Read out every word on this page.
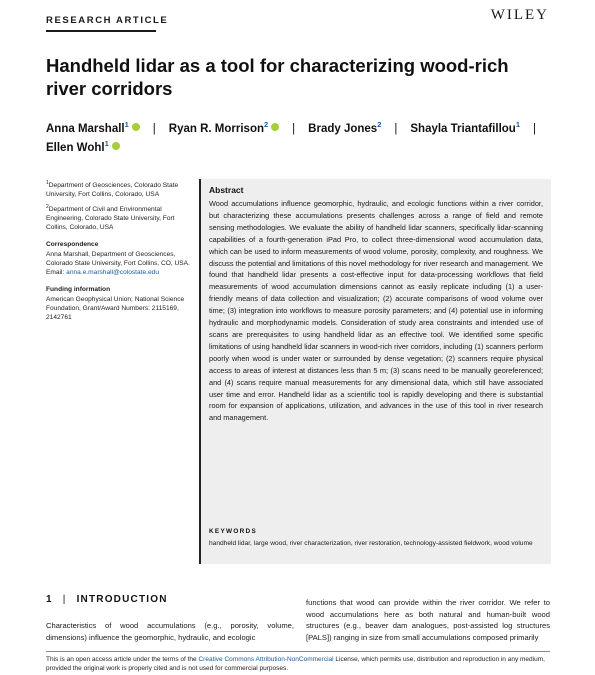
RESEARCH ARTICLE	WILEY
Handheld lidar as a tool for characterizing wood-rich river corridors
Anna Marshall$^1$ | Ryan R. Morrison$^2$ | Brady Jones$^2$ | Shayla Triantafillou$^1$ |
Ellen Wohl$^1$

$^1$Department of Geosciences, Colorado State University, Fort Collins, Colorado, USA

$^2$Department of Civil and Environmental Engineering, Colorado State University, Fort Collins, Colorado, USA

Correspondence

Anna Marshall, Department of Geosciences, Colorado State University, Fort Collins, CO, USA.
Email: anna.e.marshall@colostate.edu

Funding information

American Geophysical Union; National Science Foundation, Grant/Award Numbers: 2115169, 2142761

Abstract
Wood accumulations influence geomorphic, hydraulic, and ecologic functions within a river corridor, but characterizing these accumulations presents challenges across a range of field and remote sensing methodologies. We evaluate the ability of handheld lidar scanners, specifically lidar-scanning capabilities of a fourth-generation iPad Pro, to collect three-dimensional wood accumulation data, which can be used to inform measurements of wood volume, porosity, complexity, and roughness. We discuss the potential and limitations of this novel methodology for river research and management. We found that handheld lidar presents a cost-effective input for data-processing workflows that field measurements of wood accumulation dimensions cannot as easily replicate including (1) a user-friendly means of data collection and visualization; (2) accurate comparisons of wood volume over time; (3) integration into workflows to measure porosity parameters; and (4) potential use in informing hydraulic and morphodynamic models. Consideration of study area constraints and intended use of scans are prerequisites to using handheld lidar as an effective tool. We identified some specific limitations of using handheld lidar scanners in wood-rich river corridors, including (1) scanners perform poorly when wood is under water or surrounded by dense vegetation; (2) scanners require physical access to areas of interest at distances less than 5 m; (3) scans need to be manually georeferenced; and (4) scans require manual measurements for any dimensional data, which still have associated user time and error. Handheld lidar as a scientific tool is rapidly developing and there is substantial room for expansion of applications, utilization, and advances in the use of this tool in river research and management.
KEYWORDS
handheld lidar, large wood, river characterization, river restoration, technology-assisted fieldwork, wood volume
1 | INTRODUCTION
Characteristics of wood accumulations (e.g., porosity, volume, dimensions) influence the geomorphic, hydraulic, and ecologic
functions that wood can provide within the river corridor. We refer to wood accumulations here as both natural and human-built wood structures (e.g., beaver dam analogues, post-assisted log structures [PALS]) ranging in size from small accumulations composed primarily
This is an open access article under the terms of the Creative Commons Attribution-NonCommercial License, which permits use, distribution and reproduction in any medium, provided the original work is properly cited and is not used for commercial purposes.
